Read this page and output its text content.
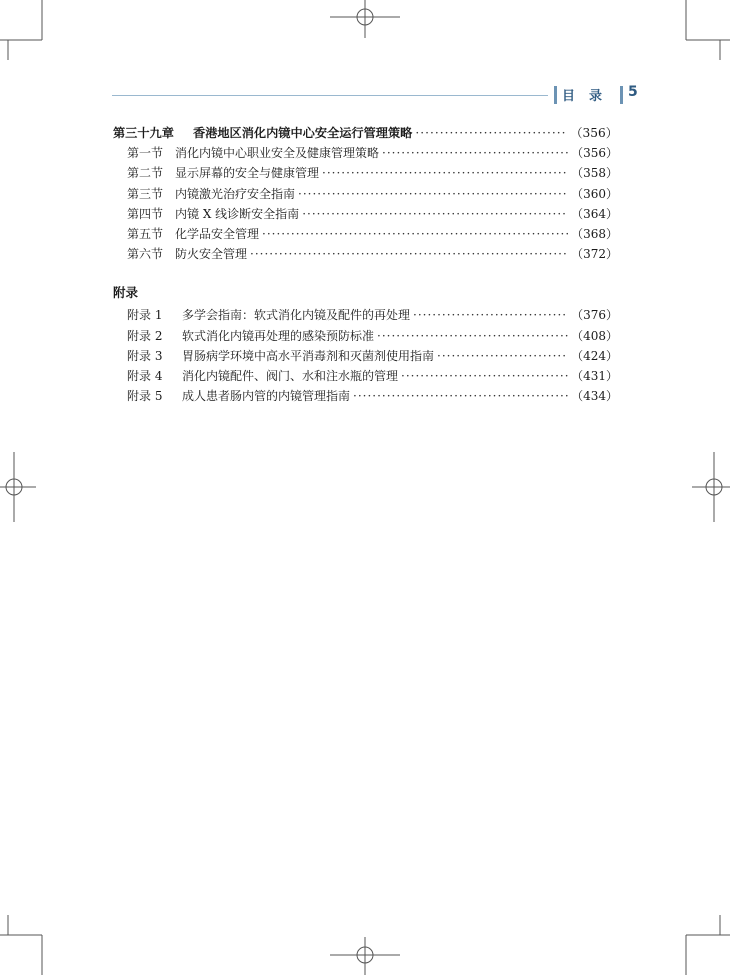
目录 5
第三十九章	香港地区消化内镜中心安全运行管理策略 ·····	（356）
第一节 消化内镜中心职业安全及健康管理策略 ·····	（356）
第二节 显示屏幕的安全与健康管理 ·····	（358）
第三节 内镜激光治疗安全指南 ·····	（360）
第四节 内镜 X 线诊断安全指南 ·····	（364）
第五节 化学品安全管理 ·····	（368）
第六节 防火安全管理 ·····	（372）
附录
附录 1	多学会指南：软式消化内镜及配件的再处理 ·····	（376）
附录 2	软式消化内镜再处理的感染预防标准 ·····	（408）
附录 3	胃肠病学环境中高水平消毒剂和灭菌剂使用指南 ·····	（424）
附录 4	消化内镜配件、阀门、水和注水瓶的管理 ·····	（431）
附录 5	成人患者肠内管的内镜管理指南 ·····	（434）
